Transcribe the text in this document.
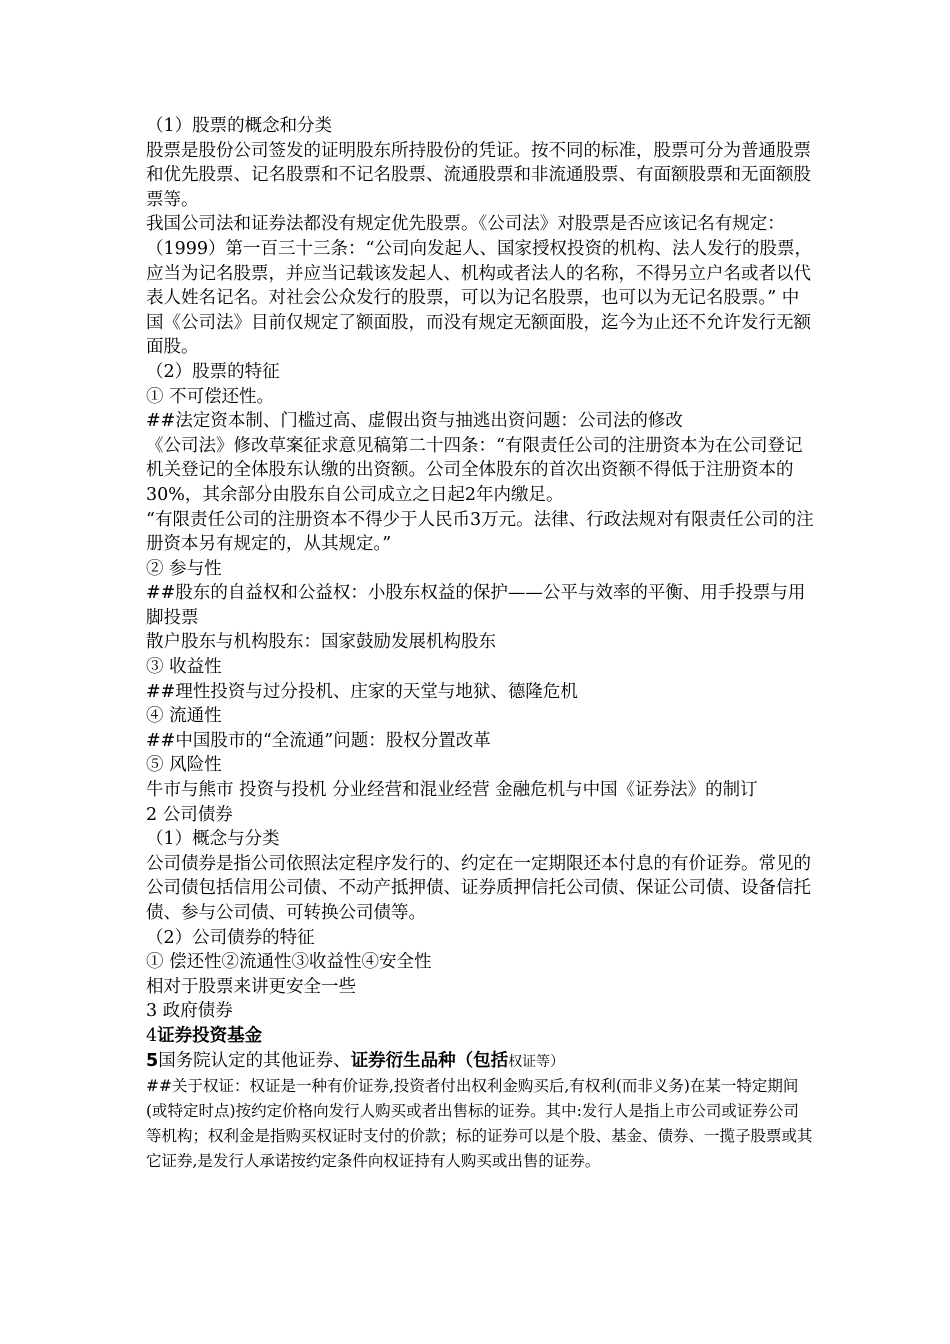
（1）股票的概念和分类

股票是股份公司签发的证明股东所持股份的凭证。按不同的标准，股票可分为普通股票和优先股票、记名股票和不记名股票、流通股票和非流通股票、有面额股票和无面额股票等。

我国公司法和证券法都没有规定优先股票。《公司法》对股票是否应该记名有规定：（1999）第一百三十三条：“公司向发起人、国家授权投资的机构、法人发行的股票，应当为记名股票，并应当记载该发起人、机构或者法人的名称，不得另立户名或者以代表人姓名记名。对社会公众发行的股票，可以为记名股票，也可以为无记名股票。” 中国《公司法》目前仅规定了额面股，而没有规定无额面股，迄今为止还不允许发行无额面股。

（2）股票的特征

① 不可偿还性。

##法定资本制、门槛过高、虚假出资与抽逃出资问题：公司法的修改

《公司法》修改草案征求意见稿第二十四条：“有限责任公司的注册资本为在公司登记机关登记的全体股东认缴的出资额。公司全体股东的首次出资额不得低于注册资本的30%，其余部分由股东自公司成立之日起2年内缴足。

“有限责任公司的注册资本不得少于人民币3万元。法律、行政法规对有限责任公司的注册资本另有规定的，从其规定。”

② 参与性

##股东的自益权和公益权：小股东权益的保护——公平与效率的平衡、用手投票与用脚投票

散户股东与机构股东：国家鼓励发展机构股东

③ 收益性

##理性投资与过分投机、庄家的天堂与地狱、德隆危机

④ 流通性

##中国股市的“全流通”问题：股权分置改革

⑤ 风险性

牛市与熊市 投资与投机 分业经营和混业经营 金融危机与中国《证券法》的制订

2 公司债券

（1）概念与分类

公司债券是指公司依照法定程序发行的、约定在一定期限还本付息的有价证券。常见的公司债包括信用公司债、不动产抵押债、证券质押信托公司债、保证公司债、设备信托债、参与公司债、可转换公司债等。

（2）公司债券的特征

① 偿还性②流通性③收益性④安全性

相对于股票来讲更安全一些

3 政府债券

4证券投资基金

5国务院认定的其他证券、证券衍生品种（包括权证等）

##关于权证：权证是一种有价证券,投资者付出权利金购买后,有权利(而非义务)在某一特定期间(或特定时点)按约定价格向发行人购买或者出售标的证券。其中:发行人是指上市公司或证券公司等机构；权利金是指购买权证时支付的价款；标的证券可以是个股、基金、债券、一揽子股票或其它证券,是发行人承诺按约定条件向权证持有人购买或出售的证券。
